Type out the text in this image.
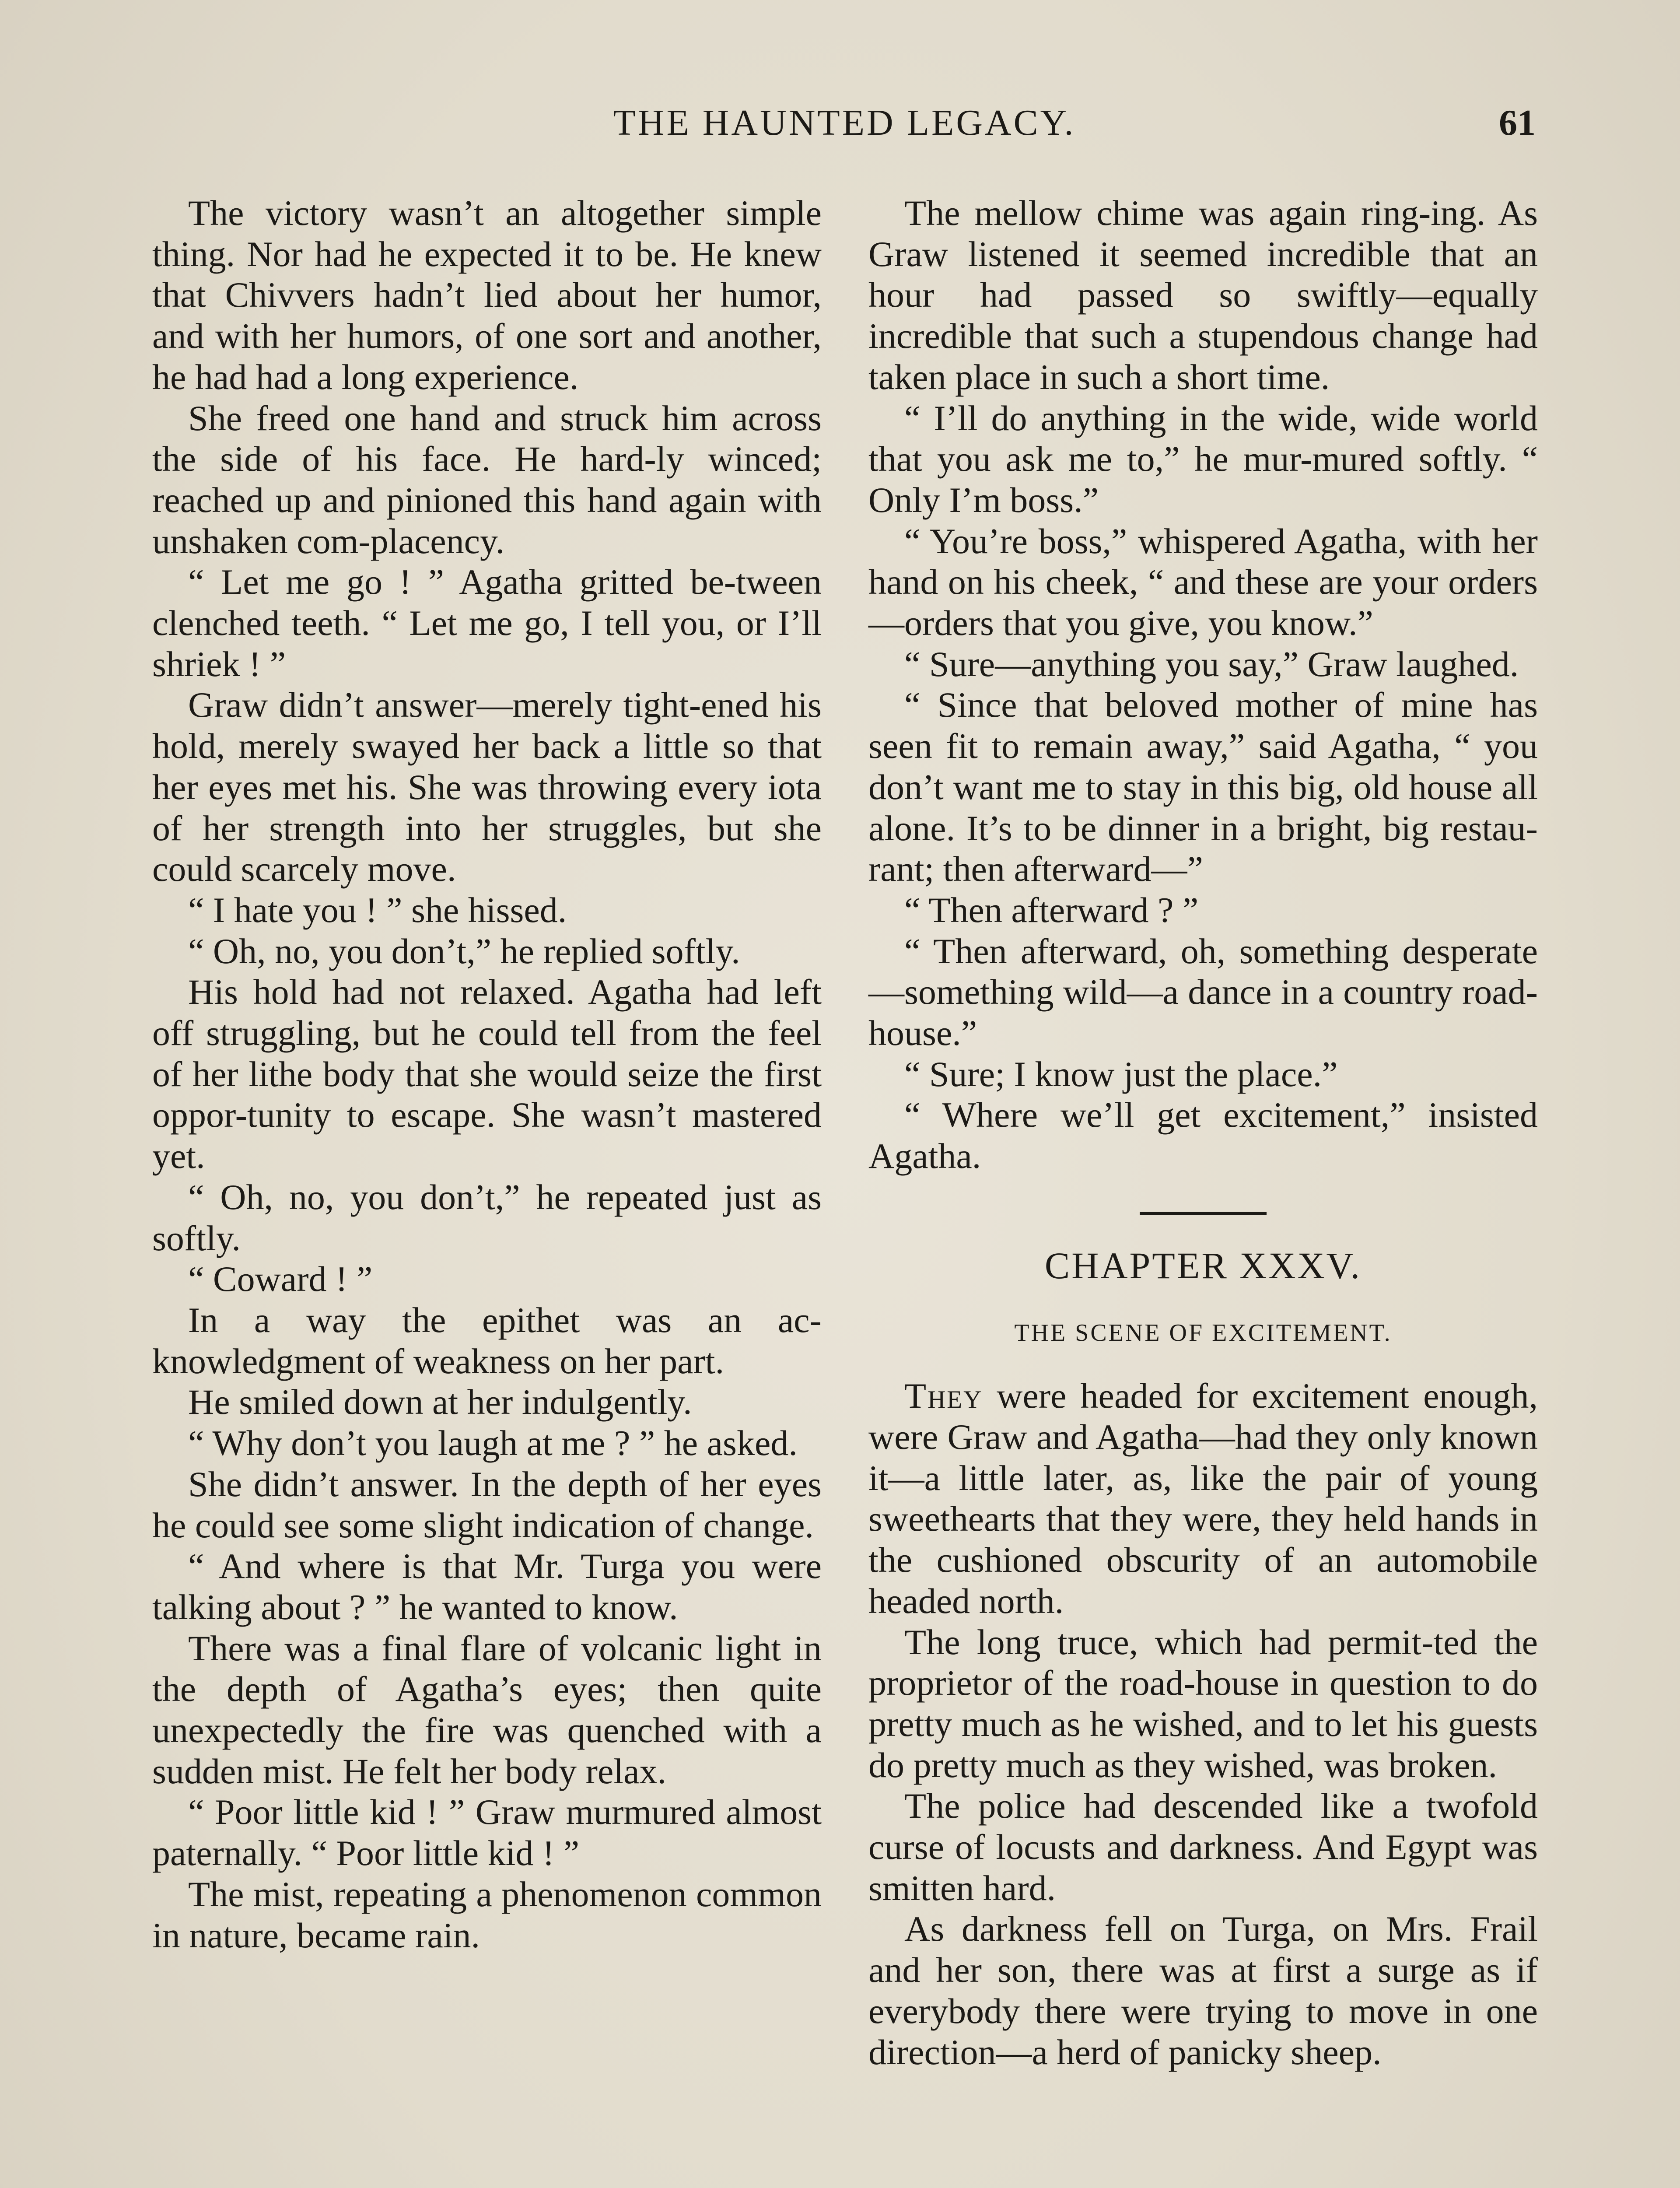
THE HAUNTED LEGACY.	61

The victory wasn’t an altogether simple thing. Nor had he expected it to be. He knew that Chivvers hadn’t lied about her humor, and with her humors, of one sort and another, he had had a long experience.

She freed one hand and struck him across the side of his face. He hard-ly winced; reached up and pinioned this hand again with unshaken com-placency.

“ Let me go ! ” Agatha gritted be-tween clenched teeth. “ Let me go, I tell you, or I’ll shriek ! ”

Graw didn’t answer—merely tight-ened his hold, merely swayed her back a little so that her eyes met his. She was throwing every iota of her strength into her struggles, but she could scarcely move.

“ I hate you ! ” she hissed.

“ Oh, no, you don’t,” he replied softly.

His hold had not relaxed. Agatha had left off struggling, but he could tell from the feel of her lithe body that she would seize the first oppor-tunity to escape. She wasn’t mastered yet.

“ Oh, no, you don’t,” he repeated just as softly.

“ Coward ! ”

In a way the epithet was an ac-knowledgment of weakness on her part.

He smiled down at her indulgently.

“ Why don’t you laugh at me ? ” he asked.

She didn’t answer. In the depth of her eyes he could see some slight indication of change.

“ And where is that Mr. Turga you were talking about ? ” he wanted to know.

There was a final flare of volcanic light in the depth of Agatha’s eyes; then quite unexpectedly the fire was quenched with a sudden mist. He felt her body relax.

“ Poor little kid ! ” Graw murmured almost paternally. “ Poor little kid ! ”

The mist, repeating a phenomenon common in nature, became rain.

The mellow chime was again ring-ing. As Graw listened it seemed incredible that an hour had passed so swiftly—equally incredible that such a stupendous change had taken place in such a short time.

“ I’ll do anything in the wide, wide world that you ask me to,” he mur-mured softly. “ Only I’m boss.”

“ You’re boss,” whispered Agatha, with her hand on his cheek, “ and these are your orders—orders that you give, you know.”

“ Sure—anything you say,” Graw laughed.

“ Since that beloved mother of mine has seen fit to remain away,” said Agatha, “ you don’t want me to stay in this big, old house all alone. It’s to be dinner in a bright, big restau-rant; then afterward—”

“ Then afterward ? ”

“ Then afterward, oh, something desperate—something wild—a dance in a country road-house.”

“ Sure; I know just the place.”

“ Where we’ll get excitement,” insisted Agatha.

CHAPTER XXXV.
THE SCENE OF EXCITEMENT.

They were headed for excitement enough, were Graw and Agatha—had they only known it—a little later, as, like the pair of young sweethearts that they were, they held hands in the cushioned obscurity of an automobile headed north.

The long truce, which had permit-ted the proprietor of the road-house in question to do pretty much as he wished, and to let his guests do pretty much as they wished, was broken.

The police had descended like a twofold curse of locusts and darkness. And Egypt was smitten hard.

As darkness fell on Turga, on Mrs. Frail and her son, there was at first a surge as if everybody there were trying to move in one direction—a herd of panicky sheep.
